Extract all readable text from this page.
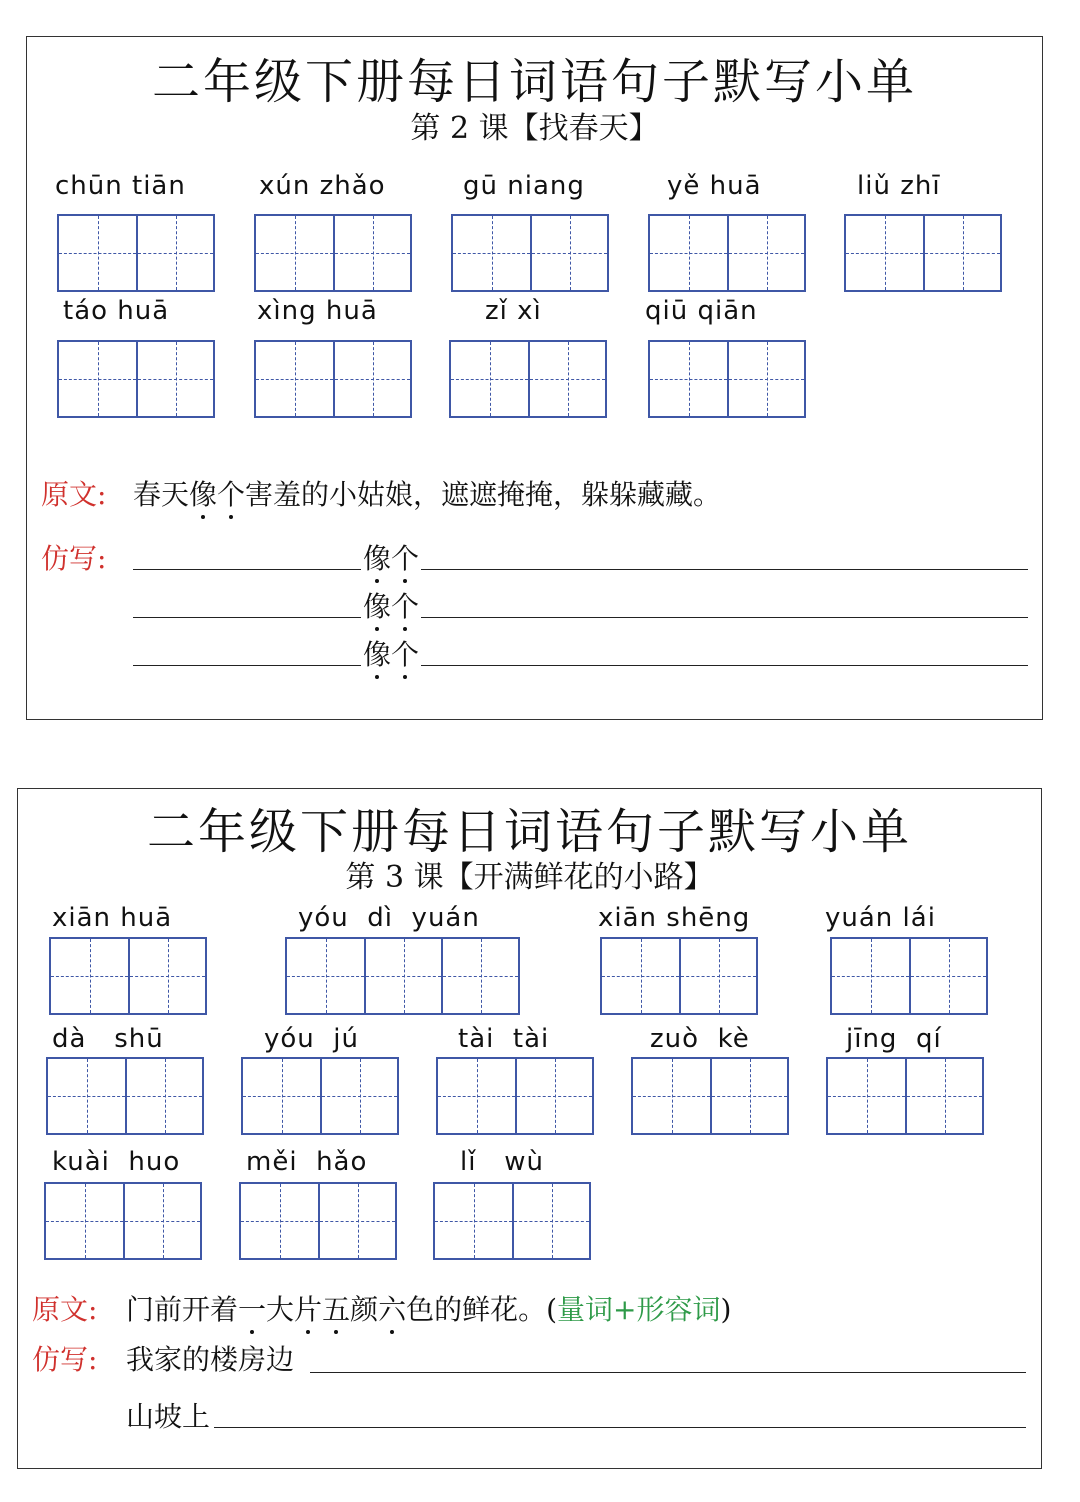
二年级下册每日词语句子默写小单
第 2 课【找春天】
chūn tiān	xún zhǎo	gū niang	yě huā	liǔ zhī
táo huā	xìng huā	zǐ xì	qiū qiān
原文: 春天像个害羞的小姑娘，遮遮掩掩，躲躲藏藏。
仿写:	像个
像个
像个
二年级下册每日词语句子默写小单
第 3 课【开满鲜花的小路】
xiān huā	yóu  dì  yuán	xiān shēng	yuán lái
dà   shū	yóu  jú	tài  tài	zuò  kè	jīng  qí
kuài  huo	měi  hǎo	lǐ   wù
原文: 门前开着一大片五颜六色的鲜花。(量词+形容词)
仿写: 我家的楼房边
山坡上
